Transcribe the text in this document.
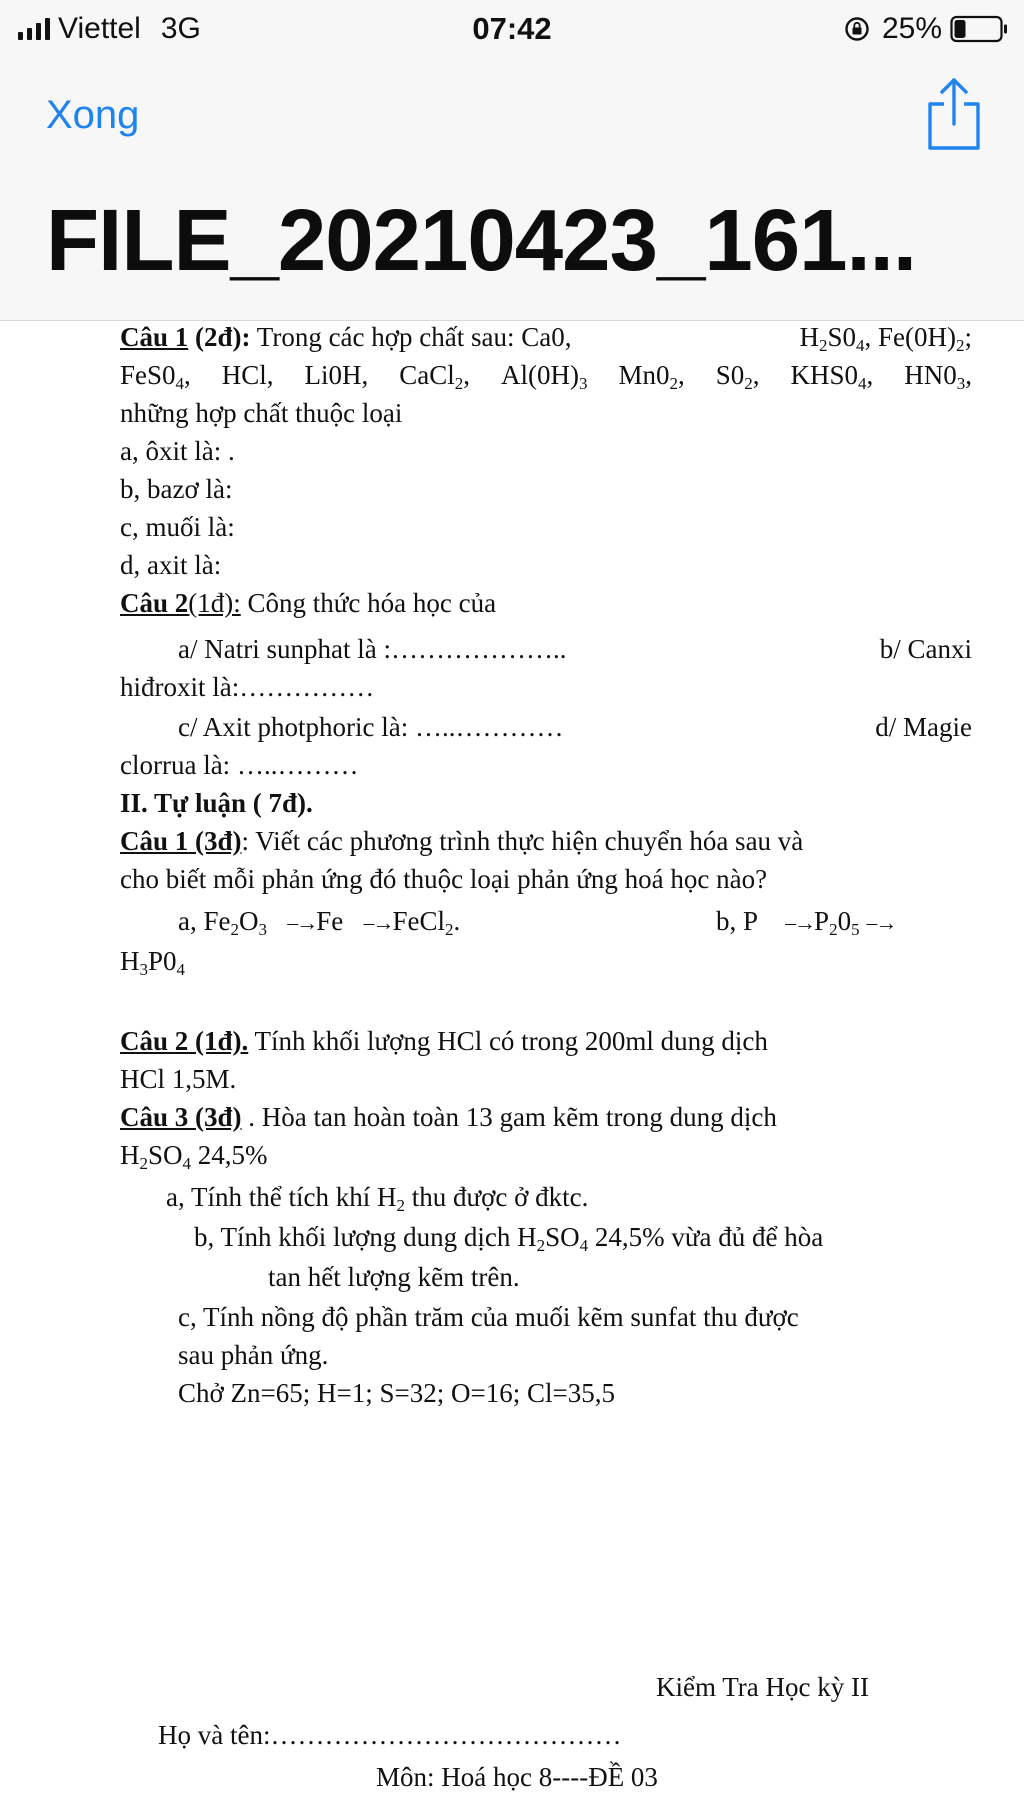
Viettel 3G	07:42	25%
Xong
FILE_20210423_161...
Câu 1 (2đ): Trong các hợp chất sau: Ca0,	$H_2S0_4$, $Fe(0H)_2$;
$FeS0_4$, HCl, Li0H, CaCl$_2$, $Al(0H)_3$ $Mn0_2$, $S0_2$, $KHS0_4$, $HN0_3$,
những hợp chất thuộc loại
a, ôxit là: .
b, bazơ là:
c, muối là:
d, axit là:
Câu 2(1đ): Công thức hóa học của
a/ Natri sunphat là :………………..	b/ Canxi
hiđroxit là:……………
c/ Axit photphoric là: …..…………	d/ Magie
clorrua là: …..………
II. Tự luận ( 7đ).
Câu 1 (3đ): Viết các phương trình thực hiện chuyển hóa sau và
cho biết mỗi phản ứng đó thuộc loại phản ứng hoá học nào?
a, $Fe_2O_3$ ⎯→Fe   ⎯→FeCl$_2$.	b, P    $⎯\to P_20_5$ ⎯→
$H_3P0_4$
Câu 2 (1đ). Tính khối lượng HCl có trong 200ml dung dịch
HCl 1,5M.
Câu 3 (3đ) . Hòa tan hoàn toàn 13 gam kẽm trong dung dịch
$H_2SO_4$ 24,5%
a, Tính thể tích khí $H_2$ thu được ở đktc.
b, Tính khối lượng dung dịch $H_2SO_4$ 24,5% vừa đủ để hòa
tan hết lượng kẽm trên.
c, Tính nồng độ phần trăm của muối kẽm sunfat thu được
sau phản ứng.
Chở Zn=65; H=1; S=32; O=16; Cl=35,5
Kiểm Tra Học kỳ II
Họ và tên:…………………………………
Môn: Hoá học 8----ĐỀ 03
